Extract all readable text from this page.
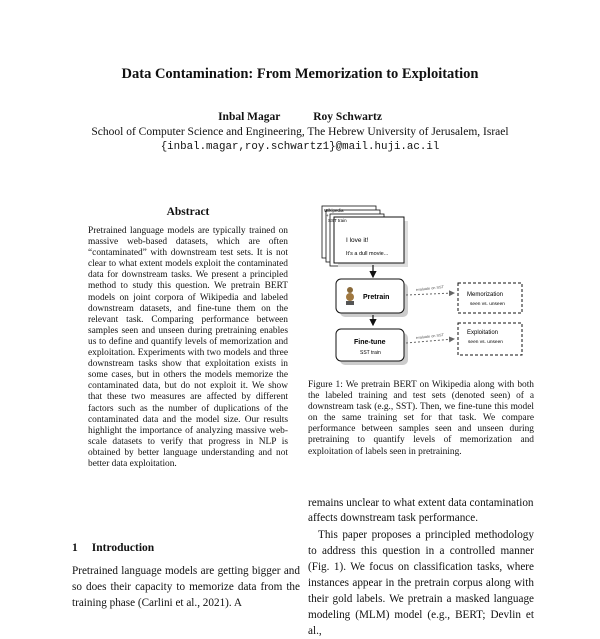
Data Contamination: From Memorization to Exploitation
Inbal Magar	Roy Schwartz
School of Computer Science and Engineering, The Hebrew University of Jerusalem, Israel
{inbal.magar,roy.schwartz1}@mail.huji.ac.il
Abstract
Pretrained language models are typically trained on massive web-based datasets, which are often “contaminated” with downstream test sets. It is not clear to what extent models exploit the contaminated data for downstream tasks. We present a principled method to study this question. We pretrain BERT models on joint corpora of Wikipedia and labeled downstream datasets, and fine-tune them on the relevant task. Comparing performance between samples seen and unseen during pretraining enables us to define and quantify levels of memorization and exploitation. Experiments with two models and three downstream tasks show that exploitation exists in some cases, but in others the models memorize the contaminated data, but do not exploit it. We show that these two measures are affected by different factors such as the number of duplications of the contaminated data and the model size. Our results highlight the importance of analyzing massive web-scale datasets to verify that progress in NLP is obtained by better language understanding and not better data exploitation.
1 Introduction
Pretrained language models are getting bigger and so does their capacity to memorize data from the training phase (Carlini et al., 2021). A
Wikipedia
+
SST train
I love it!
It's a dull movie...
Pretrain
Fine-tune
SST train
Memorization
seen vs. unseen
Exploitation
seen vs. unseen
evaluate on SST
evaluate on SST
Figure 1: We pretrain BERT on Wikipedia along with both the labeled training and test sets (denoted seen) of a downstream task (e.g., SST). Then, we fine-tune this model on the same training set for that task. We compare performance between samples seen and unseen during pretraining to quantify levels of memorization and exploitation of labels seen in pretraining.
remains unclear to what extent data contamination affects downstream task performance.
This paper proposes a principled methodology to address this question in a controlled manner (Fig. 1). We focus on classification tasks, where instances appear in the pretrain corpus along with their gold labels. We pretrain a masked language modeling (MLM) model (e.g., BERT; Devlin et al.,
